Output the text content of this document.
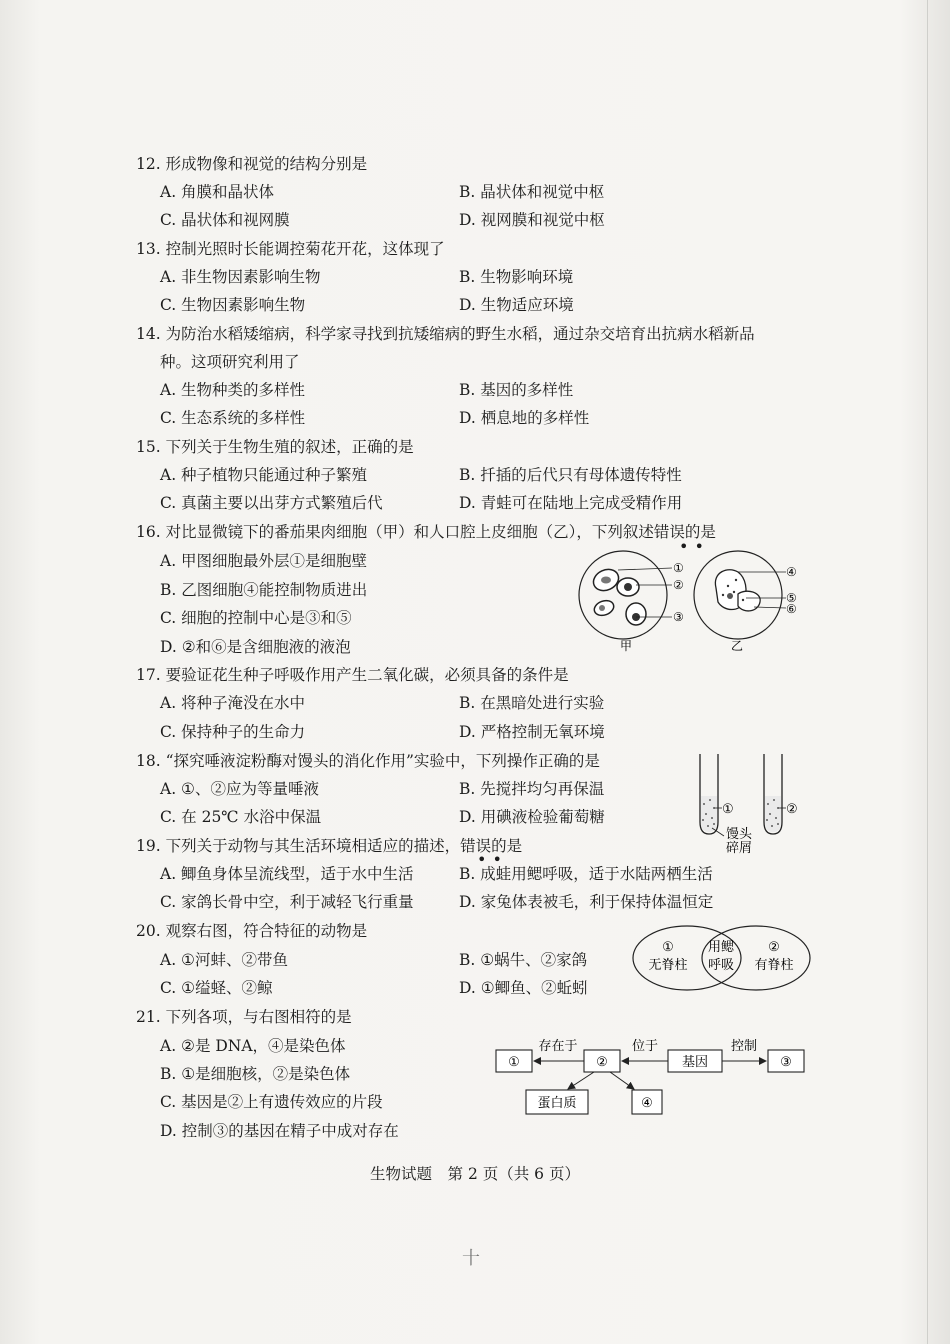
12. 形成物像和视觉的结构分别是
A. 角膜和晶状体	B. 晶状体和视觉中枢
C. 晶状体和视网膜	D. 视网膜和视觉中枢
13. 控制光照时长能调控菊花开花，这体现了
A. 非生物因素影响生物	B. 生物影响环境
C. 生物因素影响生物	D. 生物适应环境
14. 为防治水稻矮缩病，科学家寻找到抗矮缩病的野生水稻，通过杂交培育出抗病水稻新品
种。这项研究利用了
A. 生物种类的多样性	B. 基因的多样性
C. 生态系统的多样性	D. 栖息地的多样性
15. 下列关于生物生殖的叙述，正确的是
A. 种子植物只能通过种子繁殖	B. 扦插的后代只有母体遗传特性
C. 真菌主要以出芽方式繁殖后代	D. 青蛙可在陆地上完成受精作用
16. 对比显微镜下的番茄果肉细胞（甲）和人口腔上皮细胞（乙），下列叙述错误的是
••
A. 甲图细胞最外层①是细胞壁
B. 乙图细胞④能控制物质进出
C. 细胞的控制中心是③和⑤
D. ②和⑥是含细胞液的液泡
①
②
③
甲
④
⑤
⑥
乙
17. 要验证花生种子呼吸作用产生二氧化碳，必须具备的条件是
A. 将种子淹没在水中	B. 在黑暗处进行实验
C. 保持种子的生命力	D. 严格控制无氧环境
18. “探究唾液淀粉酶对馒头的消化作用”实验中，下列操作正确的是
A. ①、②应为等量唾液	B. 先搅拌均匀再保温
C. 在 25℃ 水浴中保温	D. 用碘液检验葡萄糖	①	②
馒头
碎屑
19. 下列关于动物与其生活环境相适应的描述，错误的是
••
A. 鲫鱼身体呈流线型，适于水中生活	B. 成蛙用鳃呼吸，适于水陆两栖生活
C. 家鸽长骨中空，利于减轻飞行重量	D. 家兔体表被毛，利于保持体温恒定
20. 观察右图，符合特征的动物是
A. ①河蚌、②带鱼	B. ①蜗牛、②家鸽
C. ①缢蛏、②鲸	D. ①鲫鱼、②蚯蚓
①
无脊柱
用鳃
呼吸
②
有脊柱
21. 下列各项，与右图相符的是
A. ②是 DNA，④是染色体
B. ①是细胞核，②是染色体
C. 基因是②上有遗传效应的片段
D. 控制③的基因在精子中成对存在
①	②	基因	③
蛋白质	④
存在于	位于	控制
生物试题　第 2 页（共 6 页）
十
